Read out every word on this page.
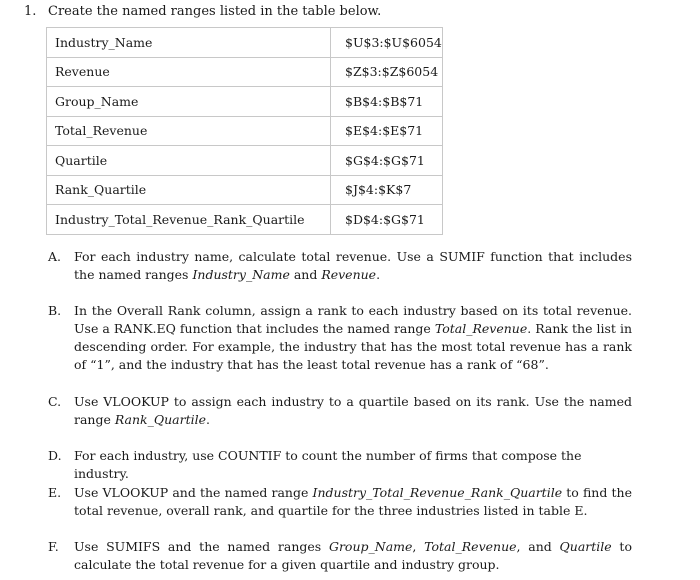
1. Create the named ranges listed in the table below.
Industry_Name	$U$3:$U$6054
Revenue	$Z$3:$Z$6054
Group_Name	$B$4:$B$71
Total_Revenue	$E$4:$E$71
Quartile	$G$4:$G$71
Rank_Quartile	$J$4:$K$7
Industry_Total_Revenue_Rank_Quartile	$D$4:$G$71
A. For each industry name, calculate total revenue. Use a SUMIF function that includes the named ranges Industry_Name and Revenue.
B. In the Overall Rank column, assign a rank to each industry based on its total revenue. Use a RANK.EQ function that includes the named range Total_Revenue. Rank the list in descending order. For example, the industry that has the most total revenue has a rank of “1”, and the industry that has the least total revenue has a rank of “68”.
C. Use VLOOKUP to assign each industry to a quartile based on its rank. Use the named range Rank_Quartile.
D. For each industry, use COUNTIF to count the number of firms that compose the industry.
E. Use VLOOKUP and the named range Industry_Total_Revenue_Rank_Quartile to find the total revenue, overall rank, and quartile for the three industries listed in table E.
F. Use SUMIFS and the named ranges Group_Name, Total_Revenue, and Quartile to calculate the total revenue for a given quartile and industry group.
